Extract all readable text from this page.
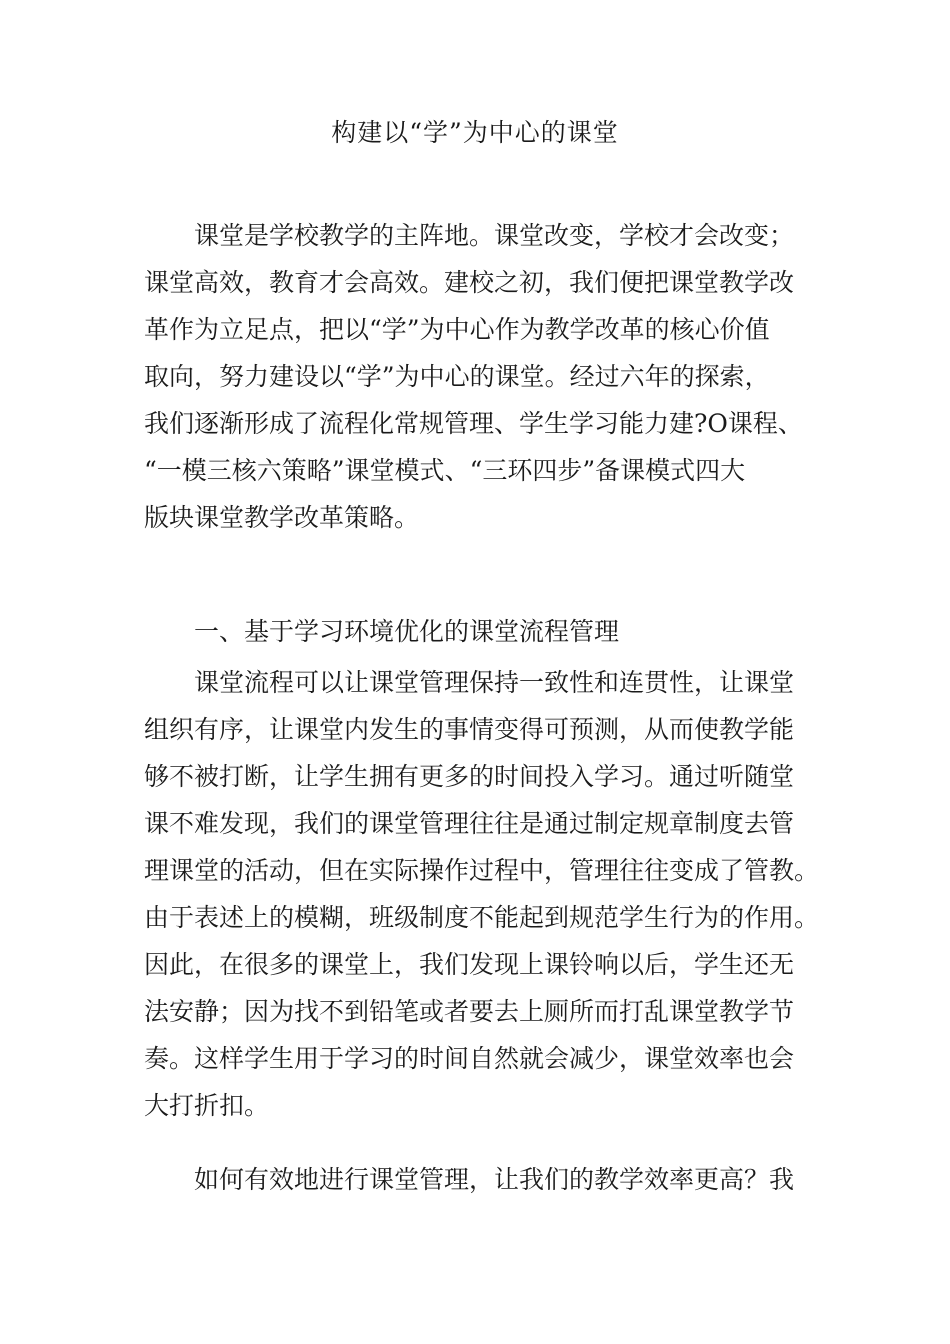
构建以“学”为中心的课堂
　　课堂是学校教学的主阵地。课堂改变，学校才会改变；
课堂高效，教育才会高效。建校之初，我们便把课堂教学改
革作为立足点，把以“学”为中心作为教学改革的核心价值
取向，努力建设以“学”为中心的课堂。经过六年的探索，
我们逐渐形成了流程化常规管理、学生学习能力建?O课程、
“一模三核六策略”课堂模式、“三环四步”备课模式四大
版块课堂教学改革策略。
一、基于学习环境优化的课堂流程管理
　　课堂流程可以让课堂管理保持一致性和连贯性，让课堂
组织有序，让课堂内发生的事情变得可预测，从而使教学能
够不被打断，让学生拥有更多的时间投入学习。通过听随堂
课不难发现，我们的课堂管理往往是通过制定规章制度去管
理课堂的活动，但在实际操作过程中，管理往往变成了管教。
由于表述上的模糊，班级制度不能起到规范学生行为的作用。
因此，在很多的课堂上，我们发现上课铃响以后，学生还无
法安静；因为找不到铅笔或者要去上厕所而打乱课堂教学节
奏。这样学生用于学习的时间自然就会减少，课堂效率也会
大打折扣。
　　如何有效地进行课堂管理，让我们的教学效率更高？我
